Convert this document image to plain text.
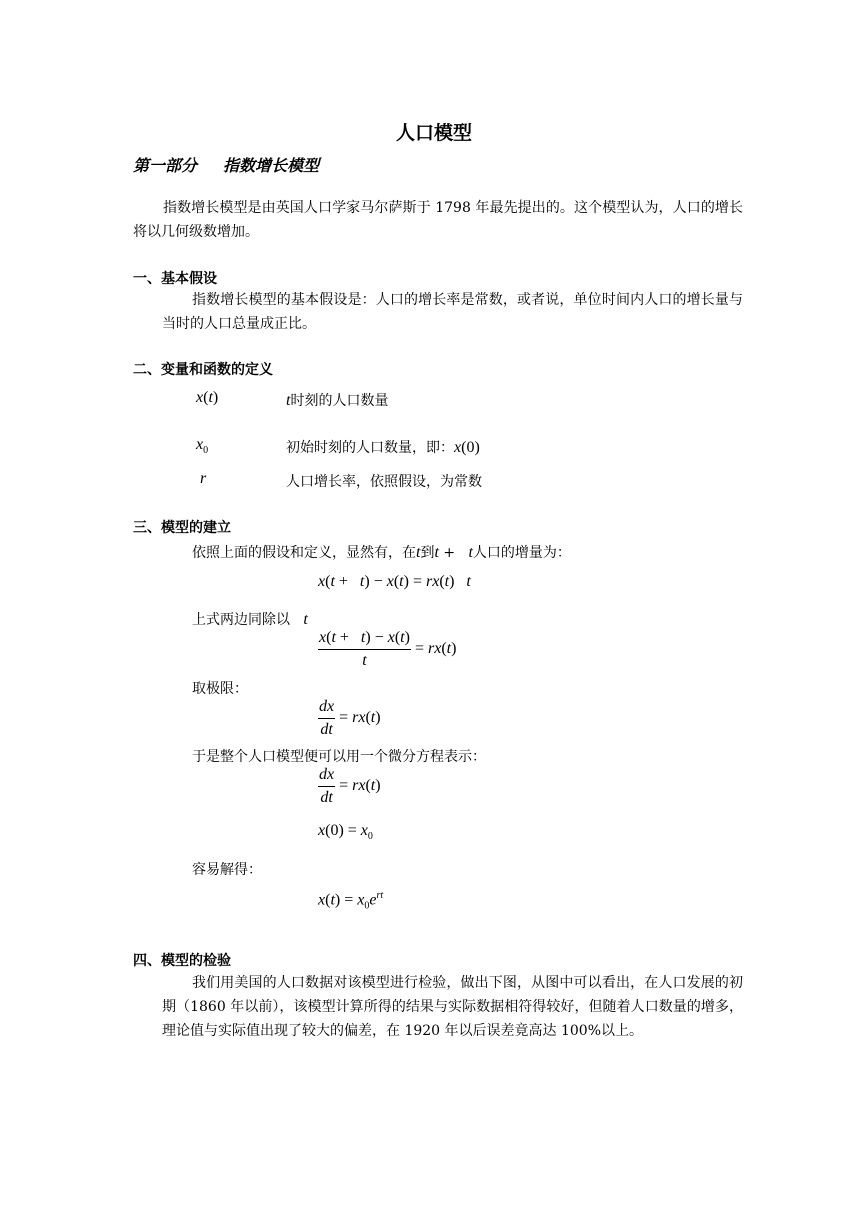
人口模型
第一部分 指数增长模型
指数增长模型是由英国人口学家马尔萨斯于 1798 年最先提出的。这个模型认为，人口的增长将以几何级数增加。
一、基本假设
指数增长模型的基本假设是：人口的增长率是常数，或者说，单位时间内人口的增长量与当时的人口总量成正比。
二、变量和函数的定义
x(t)	t时刻的人口数量
$x_0$	初始时刻的人口数量，即：x(0)
r	人口增长率，依照假设，为常数
三、模型的建立
依照上面的假设和定义，显然有，在t到t + t人口的增量为：
x(t +   t) − x(t) = rx(t)   t
上式两边同除以 t
$\frac{x(t + t) - x(t)}{t} = rx(t)$
取极限：
$\frac{dx}{dt} = rx(t)$
于是整个人口模型便可以用一个微分方程表示：
$\frac{dx}{dt} = rx(t)$
$x(0) = x_0$
容易解得：
$x(t) = x_0e^{rt}$
四、模型的检验
我们用美国的人口数据对该模型进行检验，做出下图，从图中可以看出，在人口发展的初期（1860 年以前），该模型计算所得的结果与实际数据相符得较好，但随着人口数量的增多，理论值与实际值出现了较大的偏差，在 1920 年以后误差竟高达 100%以上。
